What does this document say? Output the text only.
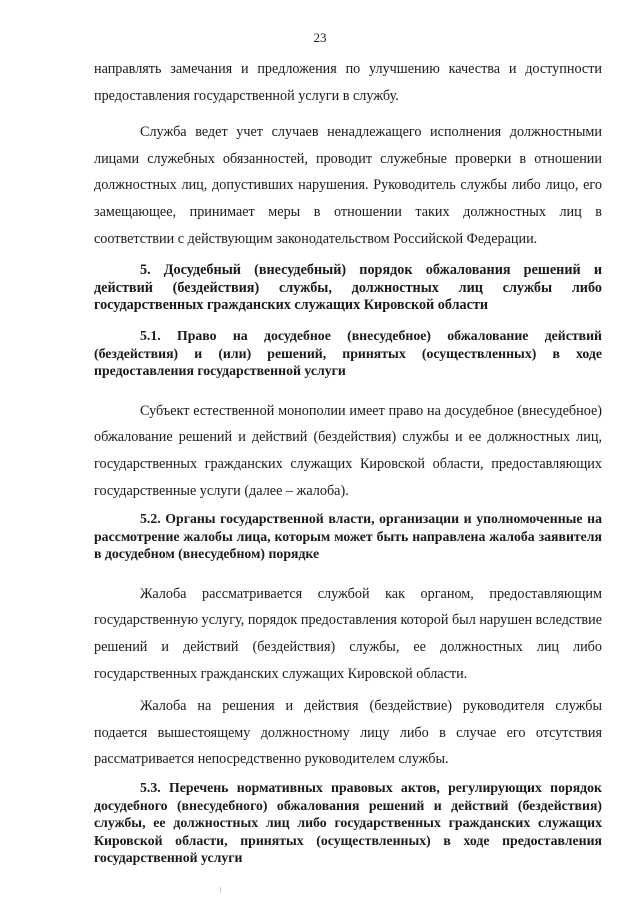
23

направлять замечания и предложения по улучшению качества и доступности предоставления государственной услуги в службу.

Служба ведет учет случаев ненадлежащего исполнения должностными лицами служебных обязанностей, проводит служебные проверки в отношении должностных лиц, допустивших нарушения. Руководитель службы либо лицо, его замещающее, принимает меры в отношении таких должностных лиц в соответствии с действующим законодательством Российской Федерации.

5. Досудебный (внесудебный) порядок обжалования решений и действий (бездействия) службы, должностных лиц службы либо государственных гражданских служащих Кировской области
5.1. Право на досудебное (внесудебное) обжалование действий (бездействия) и (или) решений, принятых (осуществленных) в ходе предоставления государственной услуги

Субъект естественной монополии имеет право на досудебное (внесудебное) обжалование решений и действий (бездействия) службы и ее должностных лиц, государственных гражданских служащих Кировской области, предоставляющих государственные услуги (далее – жалоба).

5.2. Органы государственной власти, организации и уполномоченные на рассмотрение жалобы лица, которым может быть направлена жалоба заявителя в досудебном (внесудебном) порядке

Жалоба рассматривается службой как органом, предоставляющим государственную услугу, порядок предоставления которой был нарушен вследствие решений и действий (бездействия) службы, ее должностных лиц либо государственных гражданских служащих Кировской области.

Жалоба на решения и действия (бездействие) руководителя службы подается вышестоящему должностному лицу либо в случае его отсутствия рассматривается непосредственно руководителем службы.

5.3. Перечень нормативных правовых актов, регулирующих порядок досудебного (внесудебного) обжалования решений и действий (бездействия) службы, ее должностных лиц либо государственных гражданских служащих Кировской области, принятых (осуществленных) в ходе предоставления государственной услуги
